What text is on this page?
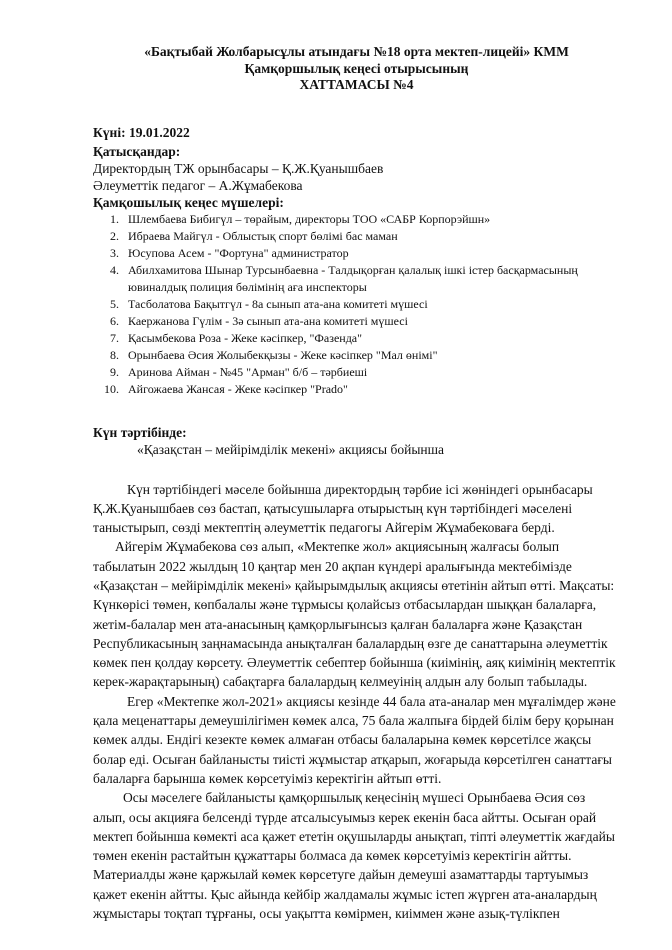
«Бақтыбай Жолбарысұлы атындағы №18 орта мектеп-лицейі» КММ
Қамқоршылық кеңесі отырысының
ХАТТАМАСЫ №4
Күні: 19.01.2022
Қатысқандар:
Директордың ТЖ орынбасары – Қ.Ж.Қуанышбаев
Әлеуметтік педагог – А.Жұмабекова
Қамқошылық кеңес мүшелері:
1. Шлембаева Бибигүл – төрайым, директоры ТОО «САБР Корпорэйшн»
2. Ибраева Майгүл - Облыстық спорт бөлімі бас маман
3. Юсупова Асем - "Фортуна" администратор
4. Абилхамитова Шынар Турсынбаевна - Талдықорған қалалық ішкі істер басқармасының ювиналдық полиция бөлімінің аға инспекторы
5. Тасболатова Бақытгүл - 8а сынып ата-ана комитеті мүшесі
6. Каержанова Гүлім - 3ә сынып ата-ана комитеті мүшесі
7. Қасымбекова Роза - Жеке кәсіпкер, "Фазенда"
8. Орынбаева Әсия Жолыбекқызы - Жеке кәсіпкер "Мал өнімі"
9. Аринова Айман - №45 "Арман" б/б – тәрбиеші
10. Айгожаева Жансая - Жеке кәсіпкер "Prado"
Күн тәртібінде:
«Қазақстан – мейірімділік мекені» акциясы бойынша

Күн тәртібіндегі мәселе бойынша директордың тәрбие ісі жөніндегі орынбасары
Қ.Ж.Қуанышбаев сөз бастап, қатысушыларға отырыстың күн тәртібіндегі мәселені
таныстырып, сөзді мектептің әлеуметтік педагогы Айгерім Жұмабековаға берді.

Айгерім Жұмабекова сөз алып, «Мектепке жол» акциясының жалғасы болып
табылатын 2022 жылдың 10 қаңтар мен 20 ақпан күндері аралығында мектебімізде
«Қазақстан – мейірімділік мекені» қайырымдылық акциясы өтетінін айтып өтті. Мақсаты:
Күнкөрісі төмен, көпбалалы және тұрмысы қолайсыз отбасылардан шыққан балаларға,
жетім-балалар мен ата-анасының қамқорлығынсыз қалған балаларға және Қазақстан
Республикасының заңнамасында анықталған балалардың өзге де санаттарына әлеуметтік
көмек пен қолдау көрсету. Әлеуметтік себептер бойынша (киімінің, аяқ киімінің мектептік
керек-жарақтарының) сабақтарға балалардың келмеуінің алдын алу болып табылады.

Егер «Мектепке жол-2021» акциясы кезінде 44 бала ата-аналар мен мұғалімдер және
қала меценаттары демеушілігімен көмек алса, 75 бала жалпыға бірдей білім беру қорынан
көмек алды. Ендігі кезекте көмек алмаған отбасы балаларына көмек көрсетілсе жақсы
болар еді. Осыған байланысты тиісті жұмыстар атқарып, жоғарыда көрсетілген санаттағы
балаларға барынша көмек көрсетуіміз керектігін айтып өтті.

Осы мәселеге байланысты қамқоршылық кеңесінің мүшесі Орынбаева Әсия сөз
алып, осы акцияға белсенді түрде атсалысуымыз керек екенін баса айтты. Осыған орай
мектеп бойынша көмекті аса қажет ететін оқушыларды анықтап, тіпті әлеуметтік жағдайы
төмен екенін растайтын құжаттары болмаса да көмек көрсетуіміз керектігін айтты.
Материалды және қаржылай көмек көрсетуге дайын демеуші азаматтарды тартуымыз
қажет екенін айтты. Қыс айында кейбір жалдамалы жұмыс істеп жүрген ата-аналардың
жұмыстары тоқтап тұрғаны, осы уақытта көмірмен, киіммен және азық-түлікпен
